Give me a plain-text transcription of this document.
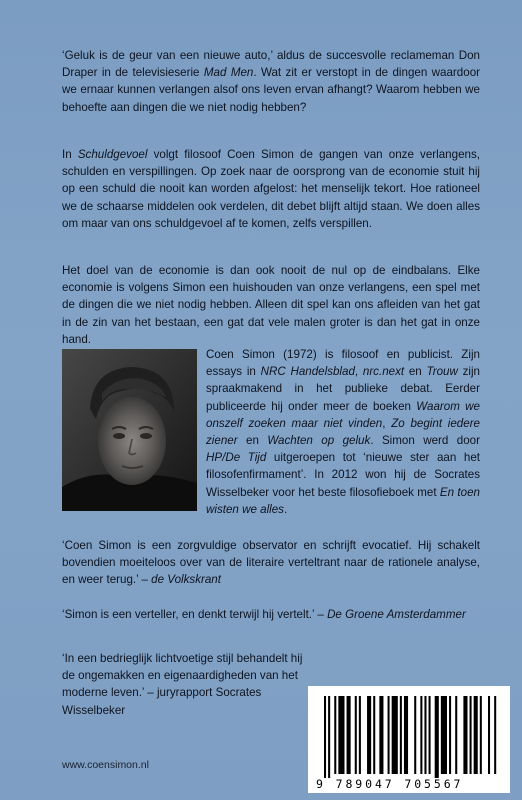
‘Geluk is de geur van een nieuwe auto,’ aldus de succesvolle reclameman Don Draper in de televisieserie Mad Men. Wat zit er verstopt in de dingen waardoor we ernaar kunnen verlangen alsof ons leven ervan afhangt? Waarom hebben we behoefte aan dingen die we niet nodig hebben?

In Schuldgevoel volgt filosoof Coen Simon de gangen van onze verlangens, schulden en verspillingen. Op zoek naar de oorsprong van de economie stuit hij op een schuld die nooit kan worden afgelost: het menselijk tekort. Hoe rationeel we de schaarse middelen ook verdelen, dit debet blijft altijd staan. We doen alles om maar van ons schuldgevoel af te komen, zelfs verspillen.

Het doel van de economie is dan ook nooit de nul op de eindbalans. Elke economie is volgens Simon een huishouden van onze verlangens, een spel met de dingen die we niet nodig hebben. Alleen dit spel kan ons afleiden van het gat in de zin van het bestaan, een gat dat vele malen groter is dan het gat in onze hand.

Coen Simon (1972) is filosoof en publicist. Zijn essays in NRC Handelsblad, nrc.next en Trouw zijn spraakmakend in het publieke debat. Eerder publiceerde hij onder meer de boeken Waarom we onszelf zoeken maar niet vinden, Zo begint iedere ziener en Wachten op geluk. Simon werd door HP/De Tijd uitgeroepen tot ‘nieuwe ster aan het filosofenfirmament’. In 2012 won hij de Socrates Wisselbeker voor het beste filosofieboek met En toen wisten we alles.

‘Coen Simon is een zorgvuldige observator en schrijft evocatief. Hij schakelt bovendien moeiteloos over van de literaire verteltrant naar de rationele analyse, en weer terug.’ – de Volkskrant

‘Simon is een verteller, en denkt terwijl hij vertelt.’ – De Groene Amsterdammer

‘In een bedrieglijk lichtvoetige stijl behandelt hij de ongemakken en eigenaardigheden van het moderne leven.’ – juryrapport Socrates Wisselbeker

www.coensimon.nl
9 789047 705567
